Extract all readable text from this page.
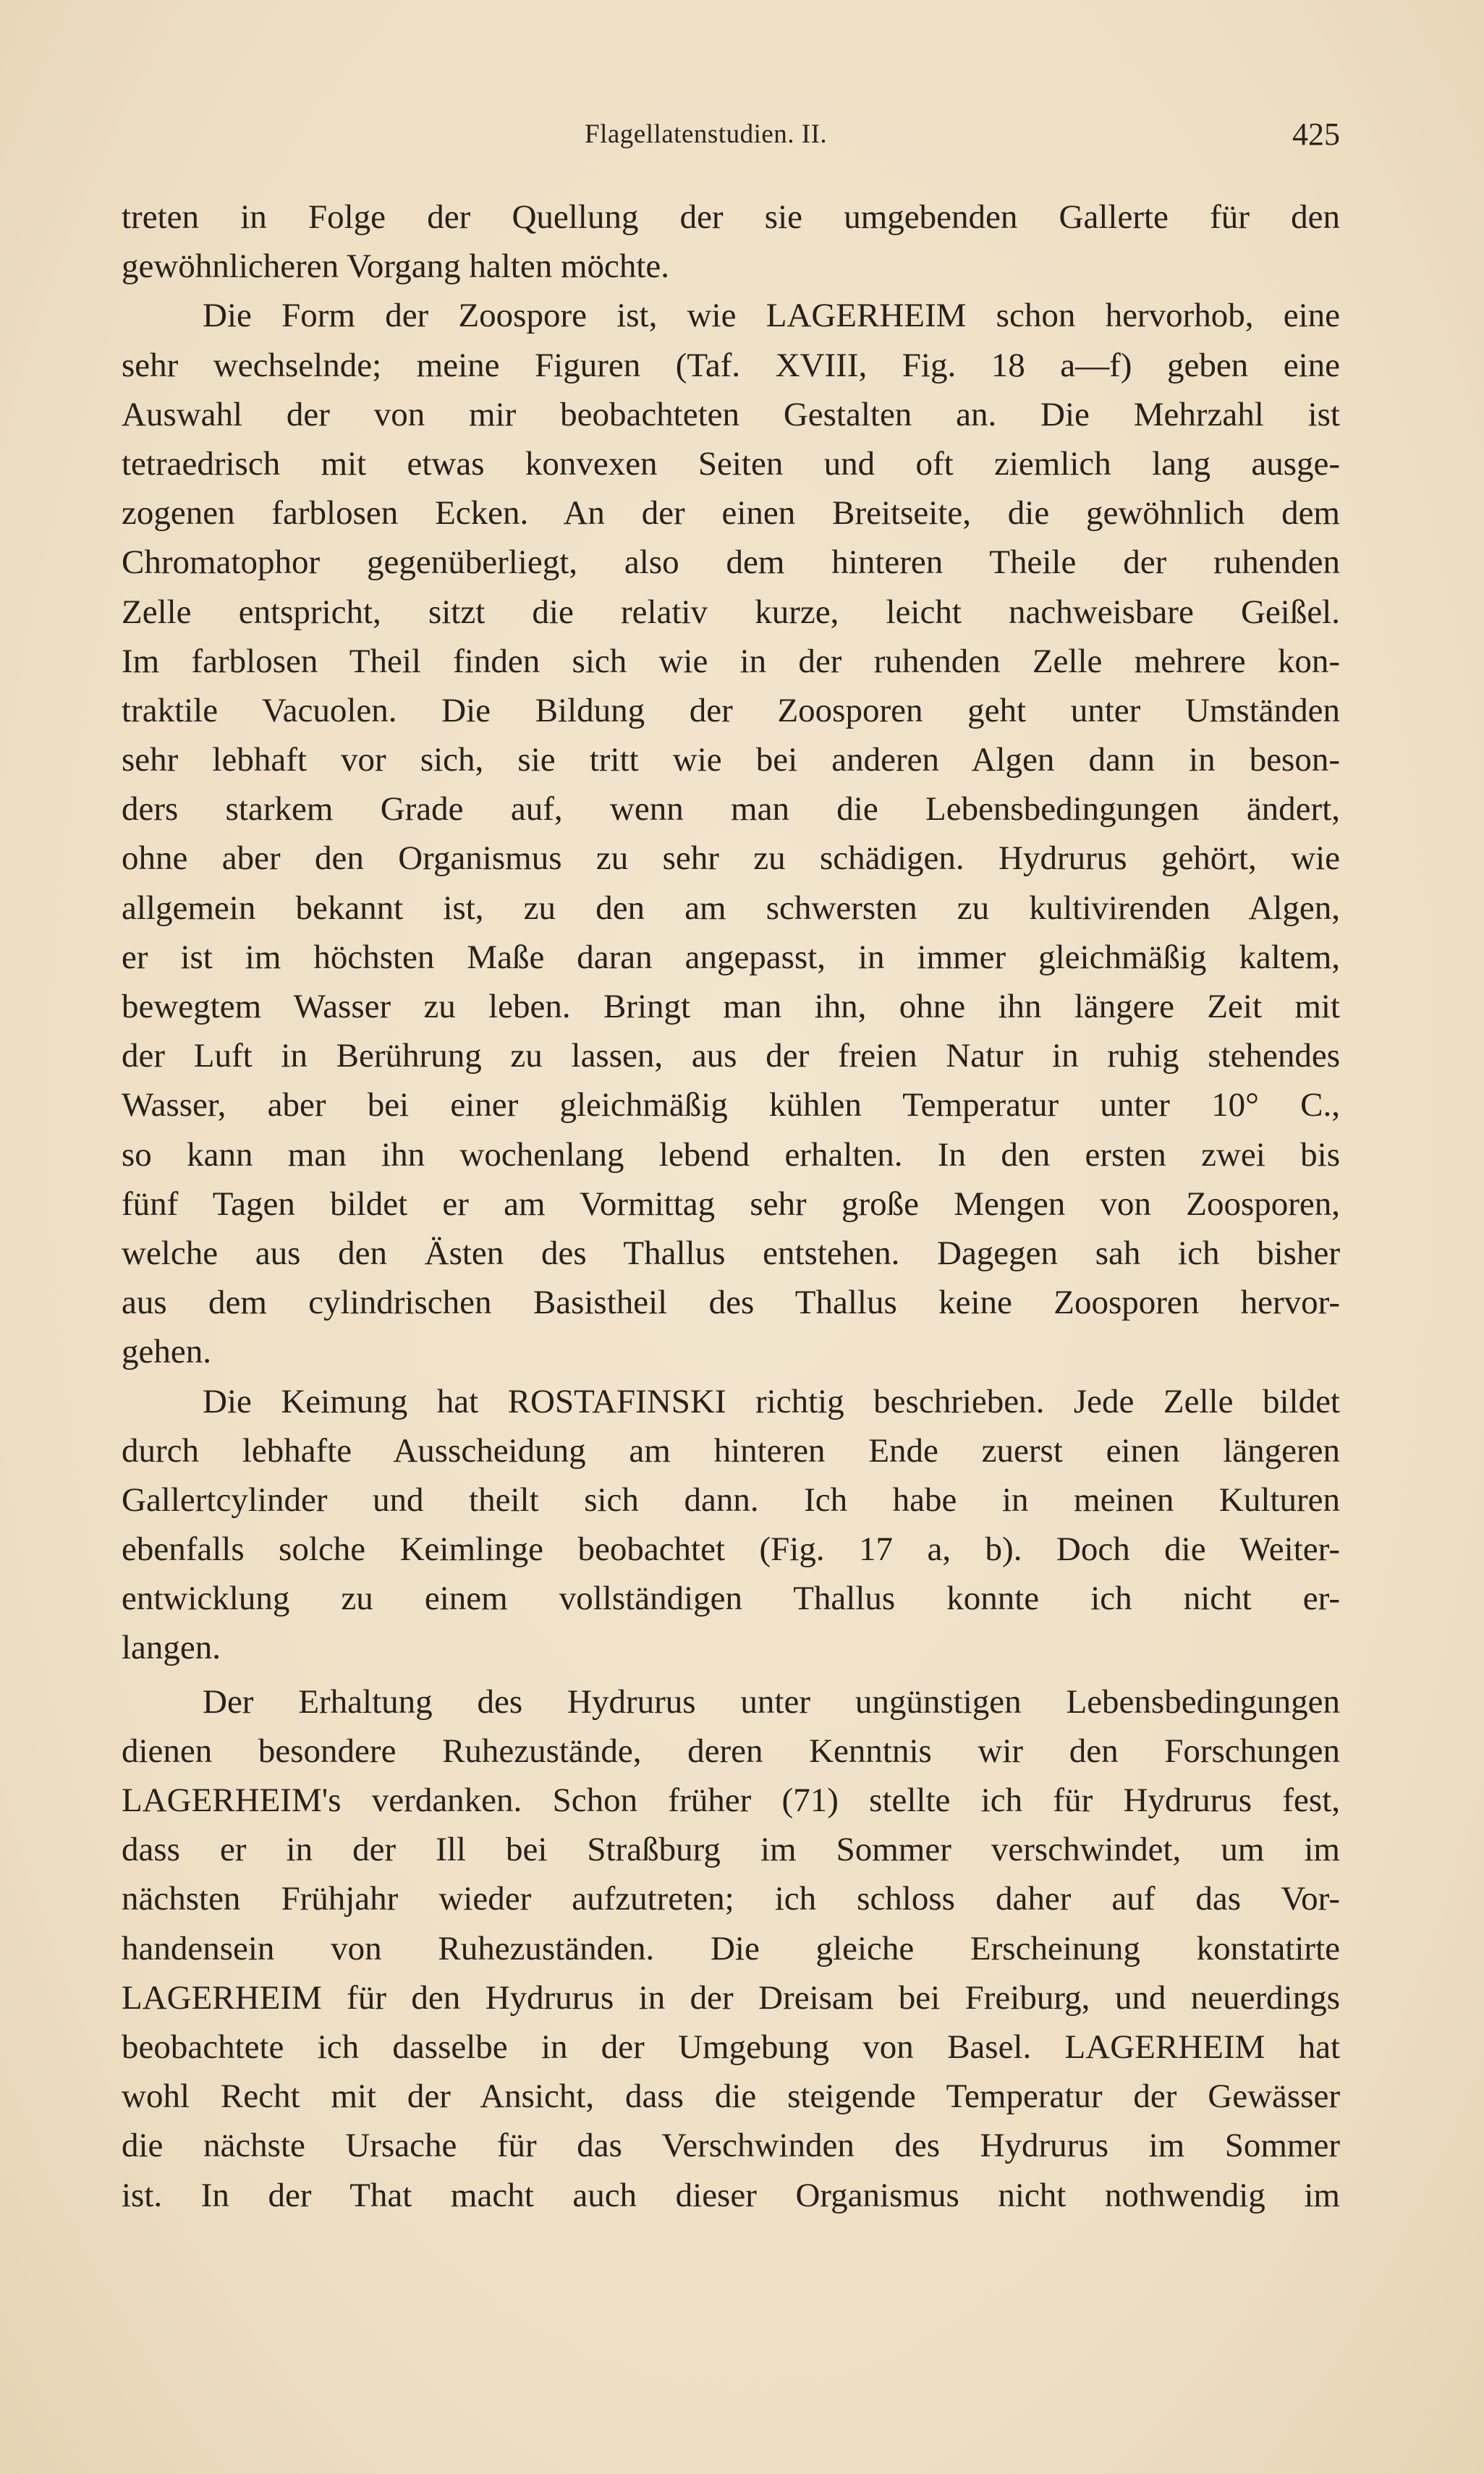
Flagellatenstudien. II.	425
treten in Folge der Quellung der sie umgebenden Gallerte für den
gewöhnlicheren Vorgang halten möchte.
Die Form der Zoospore ist, wie LAGERHEIM schon hervorhob, eine
sehr wechselnde; meine Figuren (Taf. XVIII, Fig. 18 a—f) geben eine
Auswahl der von mir beobachteten Gestalten an. Die Mehrzahl ist
tetraedrisch mit etwas konvexen Seiten und oft ziemlich lang ausge-
zogenen farblosen Ecken. An der einen Breitseite, die gewöhnlich dem
Chromatophor gegenüberliegt, also dem hinteren Theile der ruhenden
Zelle entspricht, sitzt die relativ kurze, leicht nachweisbare Geißel.
Im farblosen Theil finden sich wie in der ruhenden Zelle mehrere kon-
traktile Vacuolen. Die Bildung der Zoosporen geht unter Umständen
sehr lebhaft vor sich, sie tritt wie bei anderen Algen dann in beson-
ders starkem Grade auf, wenn man die Lebensbedingungen ändert,
ohne aber den Organismus zu sehr zu schädigen. Hydrurus gehört, wie
allgemein bekannt ist, zu den am schwersten zu kultivirenden Algen,
er ist im höchsten Maße daran angepasst, in immer gleichmäßig kaltem,
bewegtem Wasser zu leben. Bringt man ihn, ohne ihn längere Zeit mit
der Luft in Berührung zu lassen, aus der freien Natur in ruhig stehendes
Wasser, aber bei einer gleichmäßig kühlen Temperatur unter 10° C.,
so kann man ihn wochenlang lebend erhalten. In den ersten zwei bis
fünf Tagen bildet er am Vormittag sehr große Mengen von Zoosporen,
welche aus den Ästen des Thallus entstehen. Dagegen sah ich bisher
aus dem cylindrischen Basistheil des Thallus keine Zoosporen hervor-
gehen.
Die Keimung hat ROSTAFINSKI richtig beschrieben. Jede Zelle bildet
durch lebhafte Ausscheidung am hinteren Ende zuerst einen längeren
Gallertcylinder und theilt sich dann. Ich habe in meinen Kulturen
ebenfalls solche Keimlinge beobachtet (Fig. 17 a, b). Doch die Weiter-
entwicklung zu einem vollständigen Thallus konnte ich nicht er-
langen.
Der Erhaltung des Hydrurus unter ungünstigen Lebensbedingungen
dienen besondere Ruhezustände, deren Kenntnis wir den Forschungen
LAGERHEIM's verdanken. Schon früher (71) stellte ich für Hydrurus fest,
dass er in der Ill bei Straßburg im Sommer verschwindet, um im
nächsten Frühjahr wieder aufzutreten; ich schloss daher auf das Vor-
handensein von Ruhezuständen. Die gleiche Erscheinung konstatirte
LAGERHEIM für den Hydrurus in der Dreisam bei Freiburg, und neuerdings
beobachtete ich dasselbe in der Umgebung von Basel. LAGERHEIM hat
wohl Recht mit der Ansicht, dass die steigende Temperatur der Gewässer
die nächste Ursache für das Verschwinden des Hydrurus im Sommer
ist. In der That macht auch dieser Organismus nicht nothwendig im
